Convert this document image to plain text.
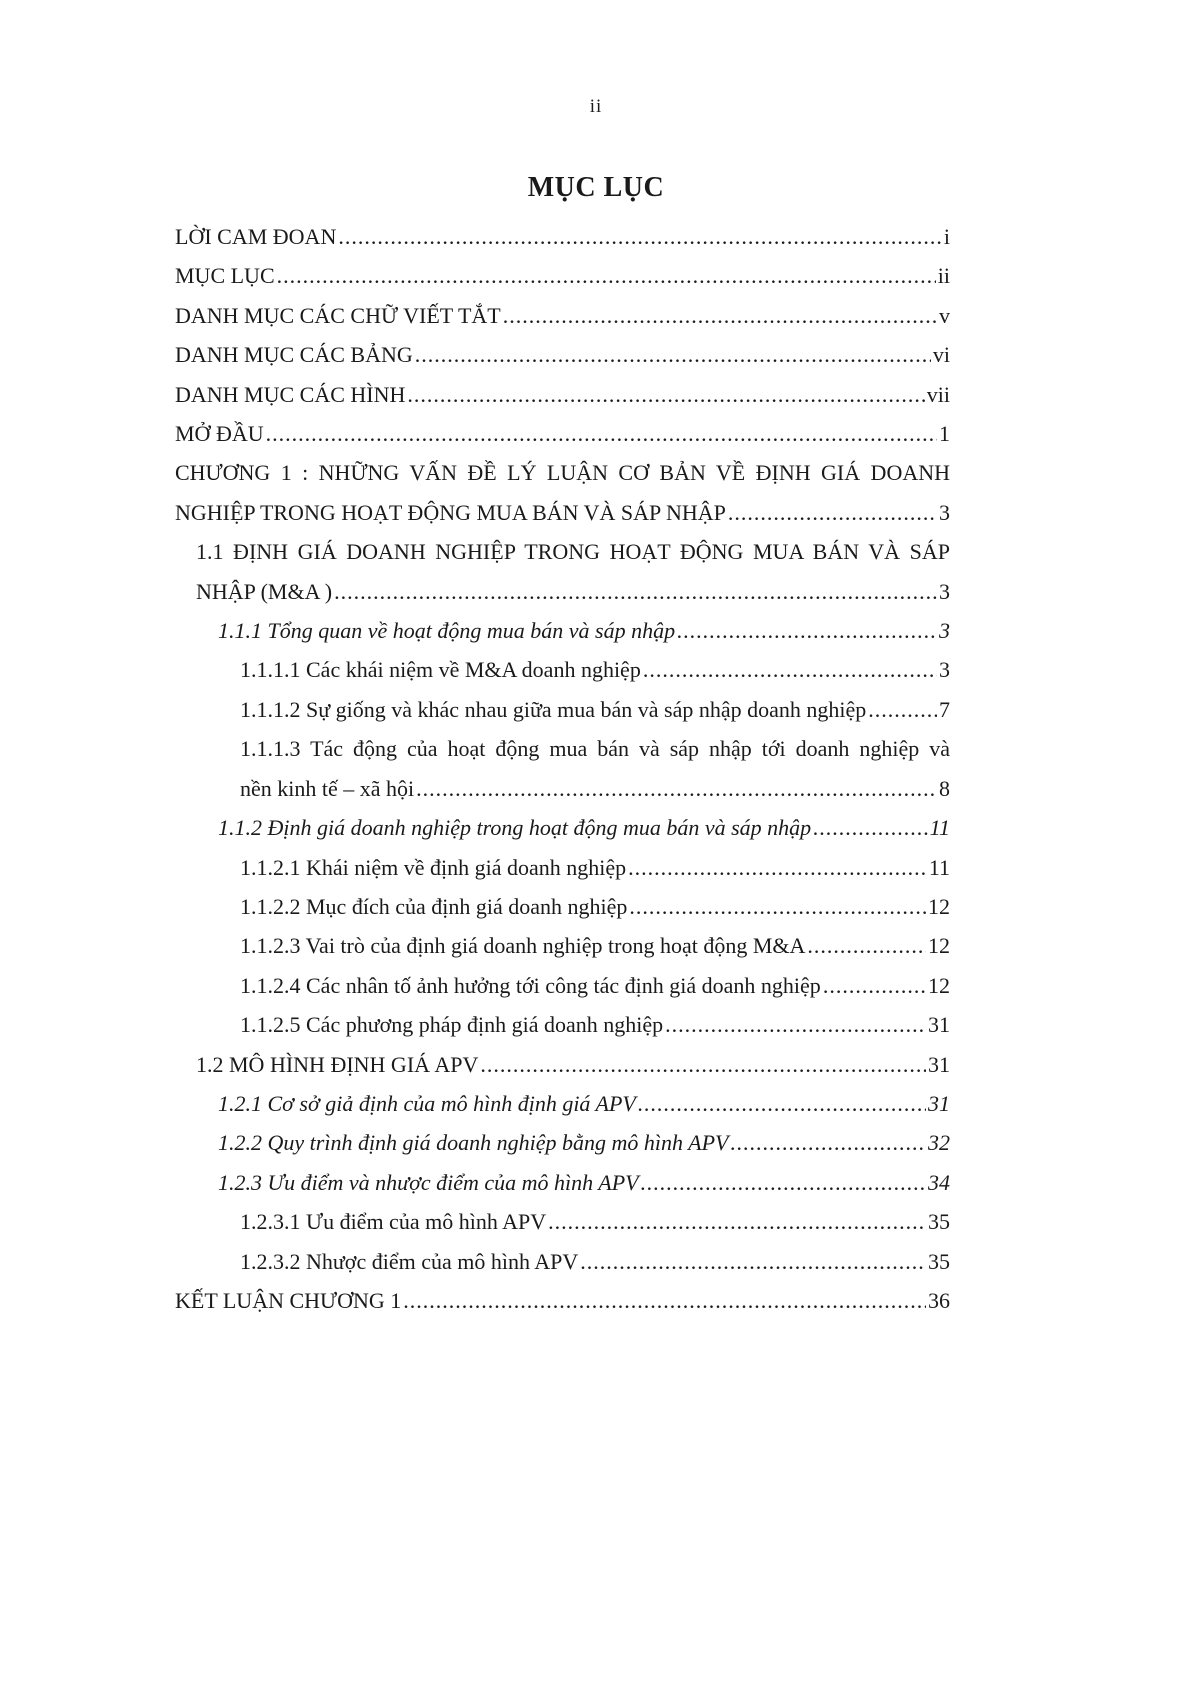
ii
MỤC LỤC
LỜI CAM ĐOAN .....	i
MỤC LỤC .....	ii
DANH MỤC CÁC CHỮ VIẾT TẮT .....	v
DANH MỤC CÁC BẢNG .....	vi
DANH MỤC CÁC HÌNH .....	vii
MỞ ĐẦU .....	1
CHƯƠNG 1 : NHỮNG VẤN ĐỀ LÝ LUẬN CƠ BẢN VỀ ĐỊNH GIÁ DOANH
NGHIỆP TRONG HOẠT ĐỘNG MUA BÁN VÀ SÁP NHẬP .....	3
1.1 ĐỊNH GIÁ DOANH NGHIỆP TRONG HOẠT ĐỘNG MUA BÁN VÀ SÁP
NHẬP (M&A ) .....	3
1.1.1 Tổng quan về hoạt động mua bán và sáp nhập .....	3
1.1.1.1 Các khái niệm về M&A doanh nghiệp .....	3
1.1.1.2 Sự giống và khác nhau giữa mua bán và sáp nhập doanh nghiệp .....	7
1.1.1.3 Tác động của hoạt động mua bán và sáp nhập tới doanh nghiệp và
nền kinh tế – xã hội .....	8
1.1.2 Định giá doanh nghiệp trong hoạt động mua bán và sáp nhập .....	11
1.1.2.1 Khái niệm về định giá doanh nghiệp .....	11
1.1.2.2 Mục đích của định giá doanh nghiệp .....	12
1.1.2.3 Vai trò của định giá doanh nghiệp trong hoạt động M&A .....	12
1.1.2.4 Các nhân tố ảnh hưởng tới công tác định giá doanh nghiệp .....	12
1.1.2.5 Các phương pháp định giá doanh nghiệp .....	31
1.2 MÔ HÌNH ĐỊNH GIÁ APV .....	31
1.2.1 Cơ sở giả định của mô hình định giá APV .....	31
1.2.2 Quy trình định giá doanh nghiệp bằng mô hình APV .....	32
1.2.3 Ưu điểm và nhược điểm của mô hình APV .....	34
1.2.3.1 Ưu điểm của mô hình APV .....	35
1.2.3.2 Nhược điểm của mô hình APV .....	35
KẾT LUẬN CHƯƠNG 1 .....	36
